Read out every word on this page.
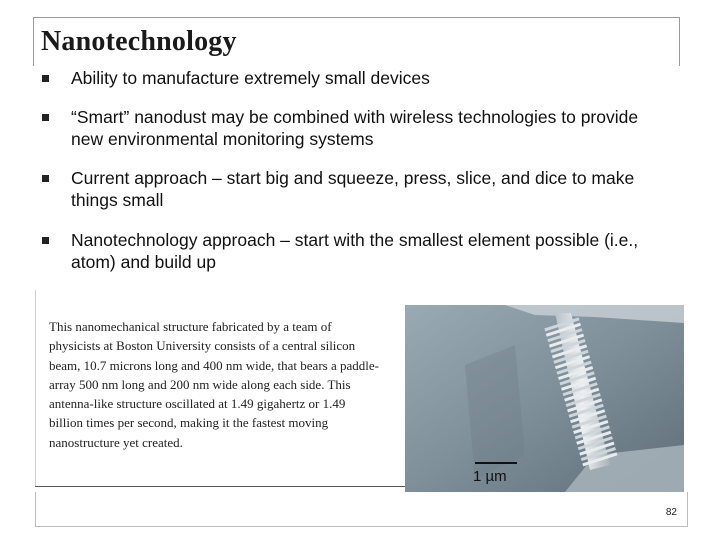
Nanotechnology
Ability to manufacture extremely small devices
“Smart” nanodust may be combined with wireless technologies to provide new environmental monitoring systems
Current approach – start big and squeeze, press, slice, and dice to make things small
Nanotechnology approach – start with the smallest element possible (i.e., atom) and build up
This nanomechanical structure fabricated by a team of physicists at Boston University consists of a central silicon beam, 10.7 microns long and 400 nm wide, that bears a paddle-array 500 nm long and 200 nm wide along each side. This antenna-like structure oscillated at 1.49 gigahertz or 1.49 billion times per second, making it the fastest moving nanostructure yet created.
1 µm
82
